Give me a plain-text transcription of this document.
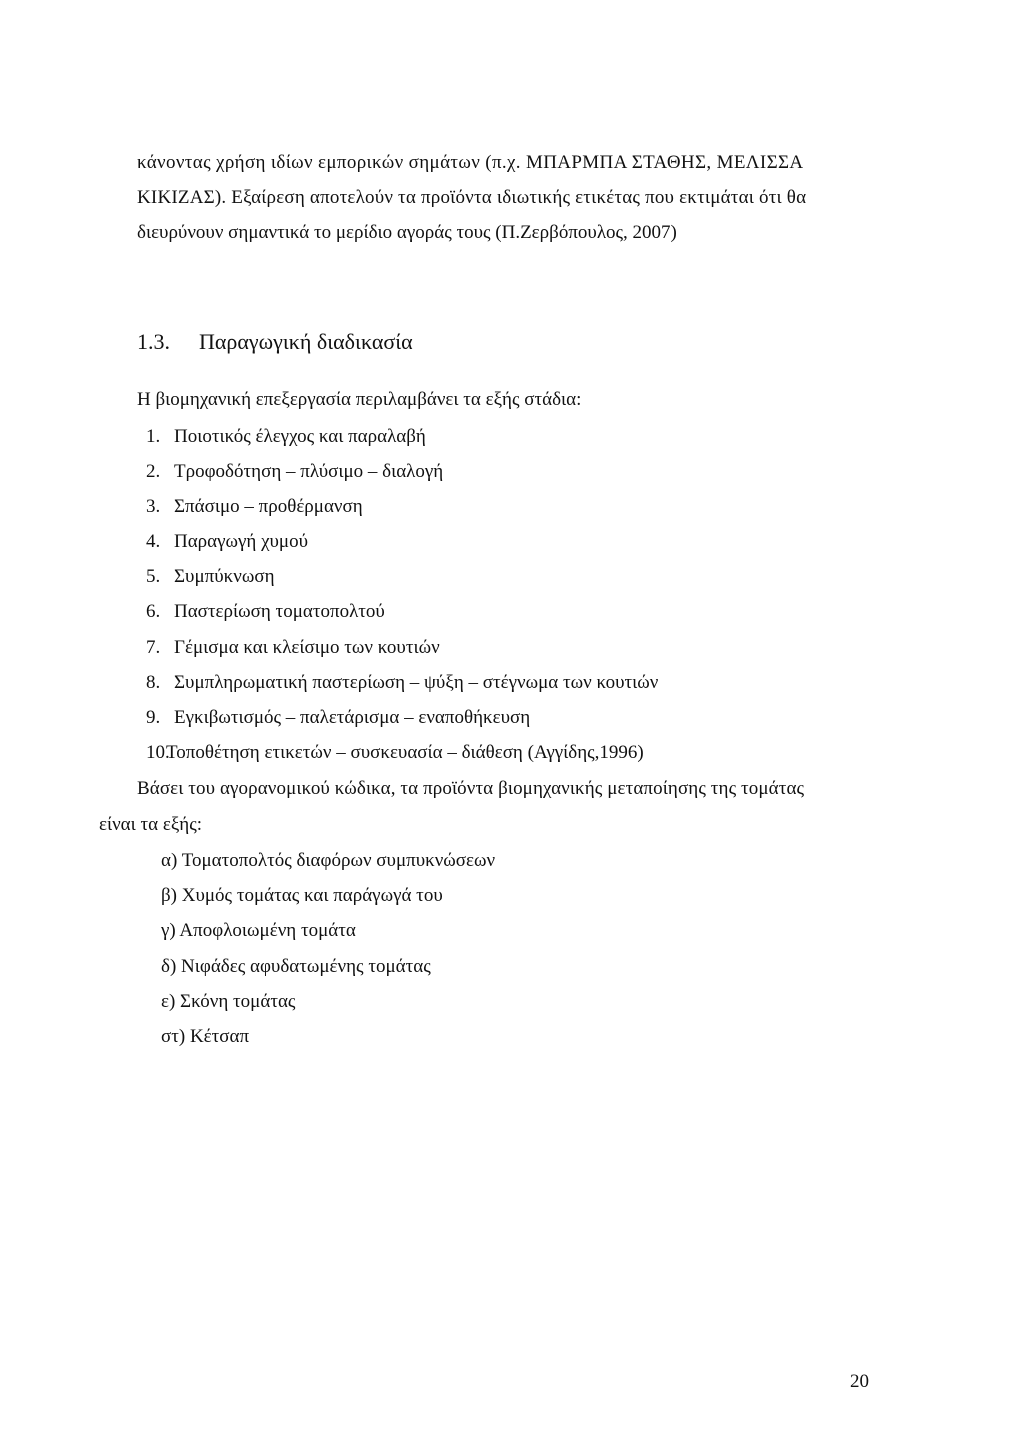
κάνοντας χρήση ιδίων εμπορικών σημάτων (π.χ. ΜΠΑΡΜΠΑ ΣΤΑΘΗΣ, ΜΕΛΙΣΣΑ
ΚΙΚΙΖΑΣ). Εξαίρεση αποτελούν τα προϊόντα ιδιωτικής ετικέτας που εκτιμάται ότι θα
διευρύνουν σημαντικά το μερίδιο αγοράς τους (Π.Ζερβόπουλος, 2007)
1.3. Παραγωγική διαδικασία
Η βιομηχανική επεξεργασία περιλαμβάνει τα εξής στάδια:
1. Ποιοτικός έλεγχος και παραλαβή
2. Τροφοδότηση – πλύσιμο – διαλογή
3. Σπάσιμο – προθέρμανση
4. Παραγωγή χυμού
5. Συμπύκνωση
6. Παστερίωση τοματοπολτού
7. Γέμισμα και κλείσιμο των κουτιών
8. Συμπληρωματική παστερίωση – ψύξη – στέγνωμα των κουτιών
9. Εγκιβωτισμός – παλετάρισμα – εναποθήκευση
10.Τοποθέτηση ετικετών – συσκευασία – διάθεση (Αγγίδης,1996)
Βάσει του αγορανομικού κώδικα, τα προϊόντα βιομηχανικής μεταποίησης της τομάτας
είναι τα εξής:
α) Τοματοπολτός διαφόρων συμπυκνώσεων
β) Χυμός τομάτας και παράγωγά του
γ) Αποφλοιωμένη τομάτα
δ) Νιφάδες αφυδατωμένης τομάτας
ε) Σκόνη τομάτας
στ) Κέτσαπ
20
